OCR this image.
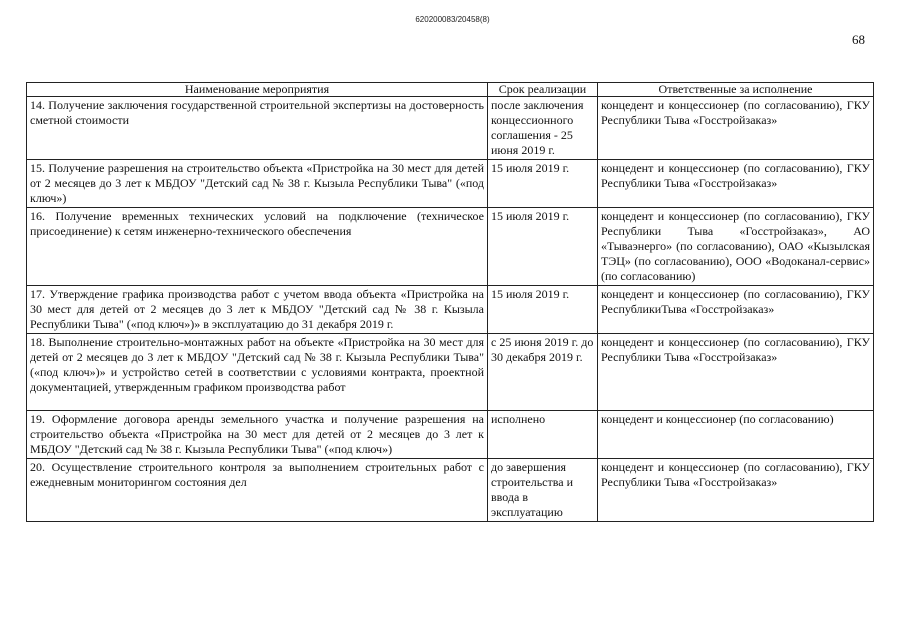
620200083/20458(8)
68
Наименование мероприятия	Срок реализации	Ответственные за исполнение
14. Получение заключения государственной строительной экспертизы на достоверность сметной стоимости	после заключения концессионного соглашения - 25 июня 2019 г.	концедент и концессионер (по согласованию), ГКУ Республики Тыва «Госстройзаказ»
15. Получение разрешения на строительство объекта «Пристройка на 30 мест для детей от 2 месяцев до 3 лет к МБДОУ "Детский сад № 38 г. Кызыла Республики Тыва" («под ключ»)	15 июля 2019 г.	концедент и концессионер (по согласованию), ГКУ Республики Тыва «Госстройзаказ»
16. Получение временных технических условий на подключение (техническое присоединение) к сетям инженерно-технического обеспечения	15 июля 2019 г.	концедент и концессионер (по согласованию), ГКУ Республики Тыва «Госстройзаказ», АО «Тываэнерго» (по согласованию), ОАО «Кызылская ТЭЦ» (по согласованию), ООО «Водоканал-сервис» (по согласованию)
17. Утверждение графика производства работ с учетом ввода объекта «Пристройка на 30 мест для детей от 2 месяцев до 3 лет к МБДОУ "Детский сад № 38 г. Кызыла Республики Тыва" («под ключ»)» в эксплуатацию до 31 декабря 2019 г.	15 июля 2019 г.	концедент и концессионер (по согласованию), ГКУ РеспубликиТыва «Госстройзаказ»
18. Выполнение строительно-монтажных работ на объекте «Пристройка на 30 мест для детей от 2 месяцев до 3 лет к МБДОУ "Детский сад № 38 г. Кызыла Республики Тыва" («под ключ»)» и устройство сетей в соответствии с условиями контракта, проектной документацией, утвержденным графиком производства работ	с 25 июня 2019 г. до 30 декабря 2019 г.	концедент и концессионер (по согласованию), ГКУ Республики Тыва «Госстройзаказ»
19. Оформление договора аренды земельного участка и получение разрешения на строительство объекта «Пристройка на 30 мест для детей от 2 месяцев до 3 лет к МБДОУ "Детский сад № 38 г. Кызыла Республики Тыва" («под ключ»)	исполнено	концедент и концессионер (по согласованию)
20. Осуществление строительного контроля за выполнением строительных работ с ежедневным мониторингом состояния дел	до завершения строительства и ввода в эксплуатацию	концедент и концессионер (по согласованию), ГКУ Республики Тыва «Госстройзаказ»
